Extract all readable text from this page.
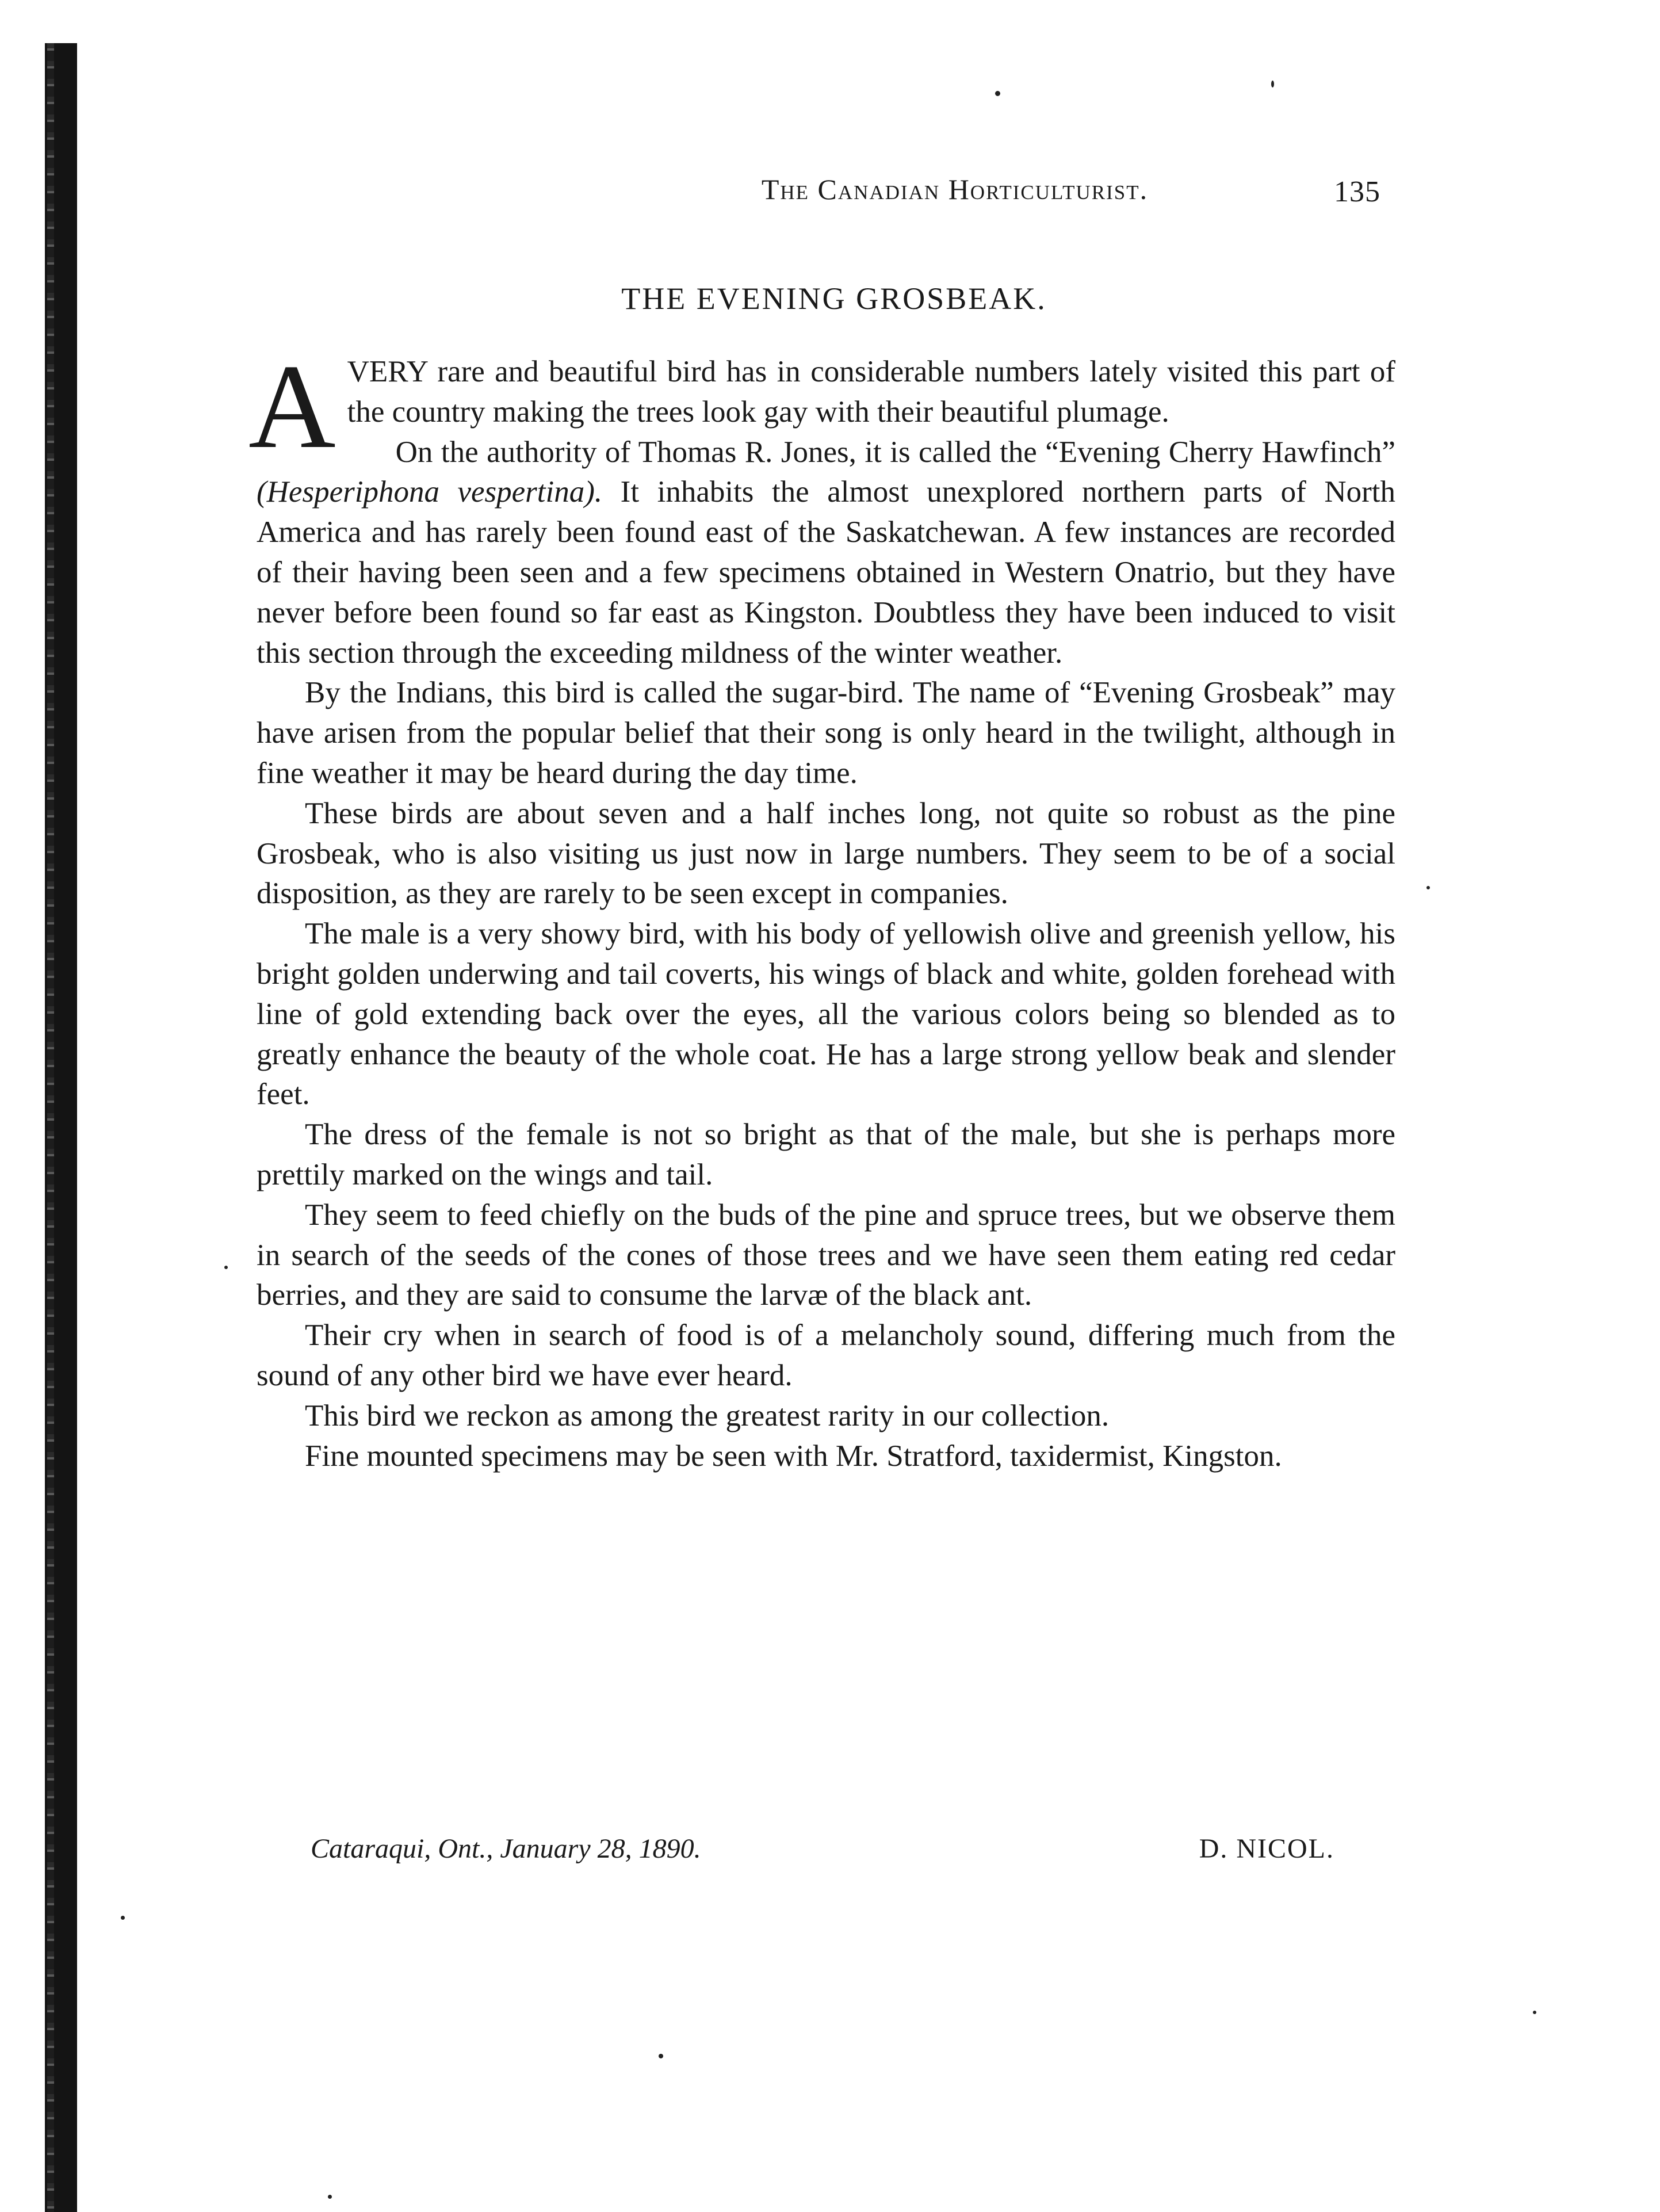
The Canadian Horticulturist.	135
THE EVENING GROSBEAK.

AVERY rare and beautiful bird has in considerable numbers lately visited this part of the country making the trees look gay with their beautiful plumage.

On the authority of Thomas R. Jones, it is called the “Evening Cherry Hawfinch” (Hesperiphona vespertina). It inhabits the almost unexplored northern parts of North America and has rarely been found east of the Saskatchewan. A few instances are recorded of their having been seen and a few specimens obtained in Western Onatrio, but they have never before been found so far east as Kingston. Doubtless they have been induced to visit this section through the exceeding mildness of the winter weather.

By the Indians, this bird is called the sugar-bird. The name of “Evening Grosbeak” may have arisen from the popular belief that their song is only heard in the twilight, although in fine weather it may be heard during the day time.

These birds are about seven and a half inches long, not quite so robust as the pine Grosbeak, who is also visiting us just now in large numbers. They seem to be of a social disposition, as they are rarely to be seen except in companies.

The male is a very showy bird, with his body of yellowish olive and greenish yellow, his bright golden underwing and tail coverts, his wings of black and white, golden forehead with line of gold extending back over the eyes, all the various colors being so blended as to greatly enhance the beauty of the whole coat. He has a large strong yellow beak and slender feet.

The dress of the female is not so bright as that of the male, but she is perhaps more prettily marked on the wings and tail.

They seem to feed chiefly on the buds of the pine and spruce trees, but we observe them in search of the seeds of the cones of those trees and we have seen them eating red cedar berries, and they are said to consume the larvæ of the black ant.

Their cry when in search of food is of a melancholy sound, differing much from the sound of any other bird we have ever heard.

This bird we reckon as among the greatest rarity in our collection.

Fine mounted specimens may be seen with Mr. Stratford, taxidermist, Kingston.

Cataraqui, Ont., January 28, 1890.	D. NICOL.
